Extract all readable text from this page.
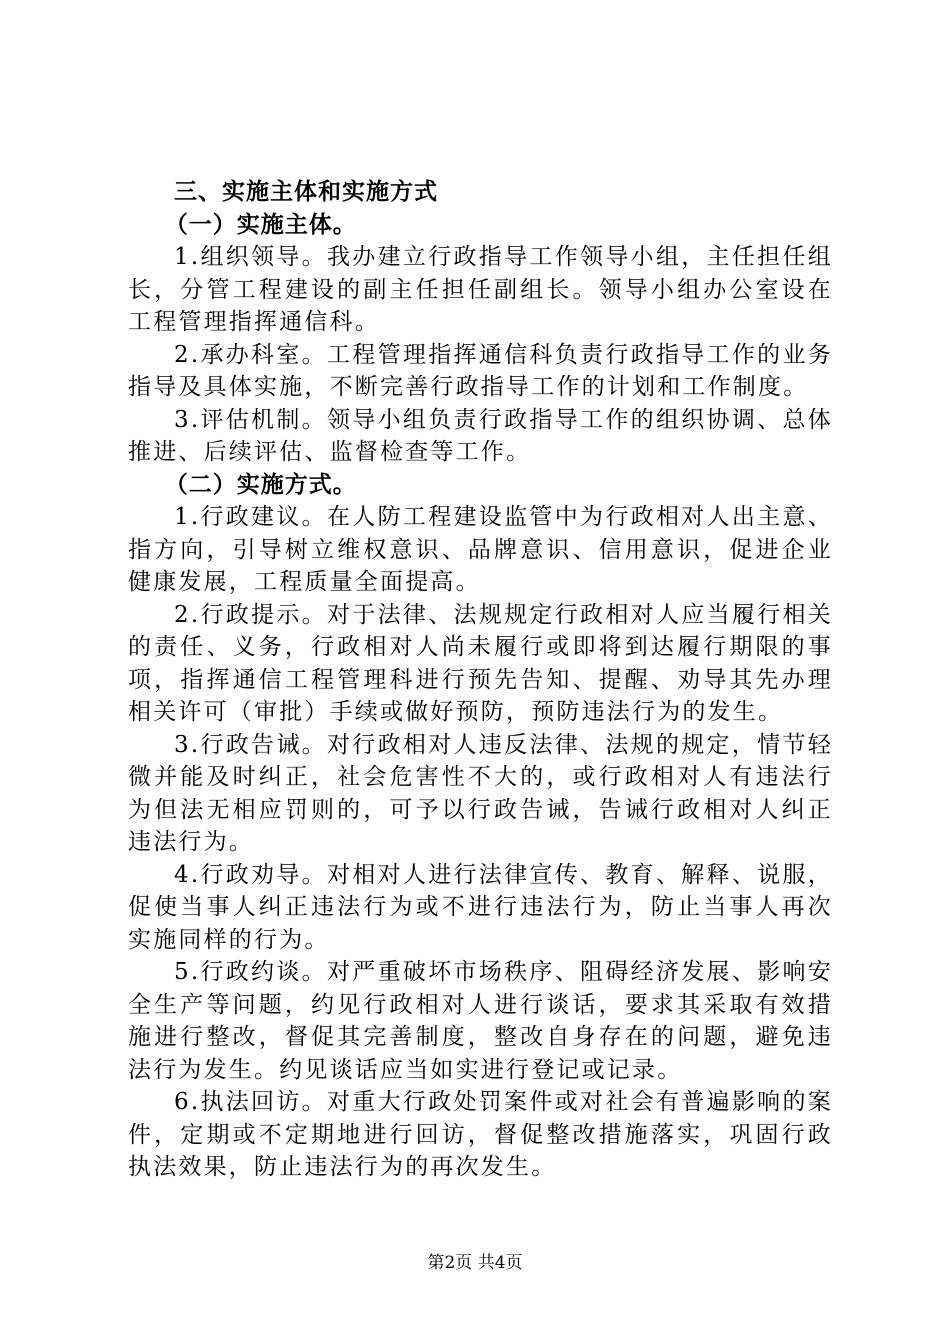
三、实施主体和实施方式

（一）实施主体。

1.组织领导。我办建立行政指导工作领导小组，主任担任组长，分管工程建设的副主任担任副组长。领导小组办公室设在工程管理指挥通信科。

2.承办科室。工程管理指挥通信科负责行政指导工作的业务指导及具体实施，不断完善行政指导工作的计划和工作制度。

3.评估机制。领导小组负责行政指导工作的组织协调、总体推进、后续评估、监督检查等工作。

（二）实施方式。

1.行政建议。在人防工程建设监管中为行政相对人出主意、指方向，引导树立维权意识、品牌意识、信用意识，促进企业健康发展，工程质量全面提高。

2.行政提示。对于法律、法规规定行政相对人应当履行相关的责任、义务，行政相对人尚未履行或即将到达履行期限的事项，指挥通信工程管理科进行预先告知、提醒、劝导其先办理相关许可（审批）手续或做好预防，预防违法行为的发生。

3.行政告诫。对行政相对人违反法律、法规的规定，情节轻微并能及时纠正，社会危害性不大的，或行政相对人有违法行为但法无相应罚则的，可予以行政告诫，告诫行政相对人纠正违法行为。

4.行政劝导。对相对人进行法律宣传、教育、解释、说服，促使当事人纠正违法行为或不进行违法行为，防止当事人再次实施同样的行为。

5.行政约谈。对严重破坏市场秩序、阻碍经济发展、影响安全生产等问题，约见行政相对人进行谈话，要求其采取有效措施进行整改，督促其完善制度，整改自身存在的问题，避免违法行为发生。约见谈话应当如实进行登记或记录。

6.执法回访。对重大行政处罚案件或对社会有普遍影响的案件，定期或不定期地进行回访，督促整改措施落实，巩固行政执法效果，防止违法行为的再次发生。

第2页 共4页
